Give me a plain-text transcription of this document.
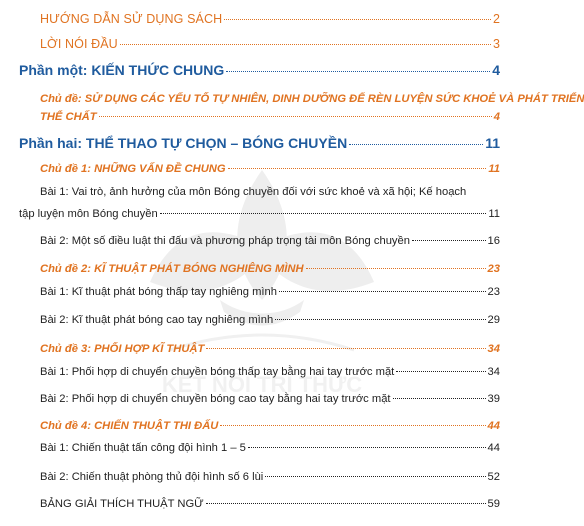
KẾT NỐI TRI THỨC
HƯỚNG DẪN SỬ DỤNG SÁCH	2
LỜI NÓI ĐẦU	3
Phần một: KIẾN THỨC CHUNG	4
Chủ đề: SỬ DỤNG CÁC YẾU TỐ TỰ NHIÊN, DINH DƯỠNG ĐỂ RÈN LUYỆN SỨC KHOẺ VÀ PHÁT TRIỂN
THỂ CHẤT	4
Phần hai: THỂ THAO TỰ CHỌN – BÓNG CHUYỀN	11
Chủ đề 1: NHỮNG VẤN ĐỀ CHUNG	11
Bài 1: Vai trò, ảnh hưởng của môn Bóng chuyền đối với sức khoẻ và xã hội; Kế hoạch
tập luyện môn Bóng chuyền	11
Bài 2: Một số điều luật thi đấu và phương pháp trọng tài môn Bóng chuyền	16
Chủ đề 2: KĨ THUẬT PHÁT BÓNG NGHIÊNG MÌNH	23
Bài 1: Kĩ thuật phát bóng thấp tay nghiêng mình	23
Bài 2: Kĩ thuật phát bóng cao tay nghiêng mình	29
Chủ đề 3: PHỐI HỢP KĨ THUẬT	34
Bài 1: Phối hợp di chuyển chuyền bóng thấp tay bằng hai tay trước mặt	34
Bài 2: Phối hợp di chuyển chuyền bóng cao tay bằng hai tay trước mặt	39
Chủ đề 4: CHIẾN THUẬT THI ĐẤU	44
Bài 1: Chiến thuật tấn công đội hình 1 – 5	44
Bài 2: Chiến thuật phòng thủ đội hình số 6 lùi	52
BẢNG GIẢI THÍCH THUẬT NGỮ	59
